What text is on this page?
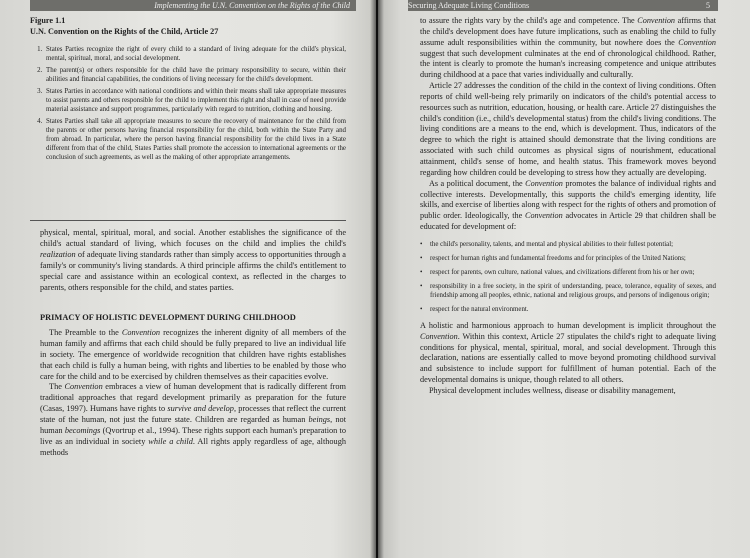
Implementing the U.N. Convention on the Rights of the Child

Figure 1.1

U.N. Convention on the Rights of the Child, Article 27

1. States Parties recognize the right of every child to a standard of living adequate for the child's physical, mental, spiritual, moral, and social development.
2. The parent(s) or others responsible for the child have the primary responsibility to secure, within their abilities and financial capabilities, the conditions of living necessary for the child's development.
3. States Parties in accordance with national conditions and within their means shall take appropriate measures to assist parents and others responsible for the child to implement this right and shall in case of need provide material assistance and support programmes, particularly with regard to nutrition, clothing and housing.
4. States Parties shall take all appropriate measures to secure the recovery of maintenance for the child from the parents or other persons having financial responsibility for the child, both within the State Party and from abroad. In particular, where the person having financial responsibility for the child lives in a State different from that of the child, States Parties shall promote the accession to international agreements or the conclusion of such agreements, as well as the making of other appropriate arrangements.

physical, mental, spiritual, moral, and social. Another establishes the significance of the child's actual standard of living, which focuses on the child and implies the child's realization of adequate living standards rather than simply access to opportunities through a family's or community's living standards. A third principle affirms the child's entitlement to special care and assistance within an ecological context, as reflected in the charges to parents, others responsible for the child, and states parties.

PRIMACY OF HOLISTIC DEVELOPMENT DURING CHILDHOOD

The Preamble to the Convention recognizes the inherent dignity of all members of the human family and affirms that each child should be fully prepared to live an individual life in society. The emergence of worldwide recognition that children have rights establishes that each child is fully a human being, with rights and liberties to be enabled by those who care for the child and to be exercised by children themselves as their capacities evolve.

The Convention embraces a view of human development that is radically different from traditional approaches that regard development primarily as preparation for the future (Casas, 1997). Humans have rights to survive and develop, processes that reflect the current state of the human, not just the future state. Children are regarded as human beings, not human becomings (Qvortrup et al., 1994). These rights support each human's preparation to live as an individual in society while a child. All rights apply regardless of age, although methods

Securing Adequate Living Conditions	5

to assure the rights vary by the child's age and competence. The Convention affirms that the child's development does have future implications, such as enabling the child to fully assume adult responsibilities within the community, but nowhere does the Convention suggest that such development culminates at the end of chronological childhood. Rather, the intent is clearly to promote the human's increasing competence and unique attributes during childhood at a pace that varies individually and culturally.

Article 27 addresses the condition of the child in the context of living conditions. Often reports of child well-being rely primarily on indicators of the child's potential access to resources such as nutrition, education, housing, or health care. Article 27 distinguishes the child's condition (i.e., child's developmental status) from the child's living conditions. The living conditions are a means to the end, which is development. Thus, indicators of the degree to which the right is attained should demonstrate that the living conditions are associated with such child outcomes as physical signs of nourishment, educational attainment, child's sense of home, and health status. This framework moves beyond regarding how children could be developing to stress how they actually are developing.

As a political document, the Convention promotes the balance of individual rights and collective interests. Developmentally, this supports the child's emerging identity, life skills, and exercise of liberties along with respect for the rights of others and promotion of public order. Ideologically, the Convention advocates in Article 29 that children shall be educated for development of:

• the child's personality, talents, and mental and physical abilities to their fullest potential;
• respect for human rights and fundamental freedoms and for principles of the United Nations;
• respect for parents, own culture, national values, and civilizations different from his or her own;
• responsibility in a free society, in the spirit of understanding, peace, tolerance, equality of sexes, and friendship among all peoples, ethnic, national and religious groups, and persons of indigenous origin;
• respect for the natural environment.

A holistic and harmonious approach to human development is implicit throughout the Convention. Within this context, Article 27 stipulates the child's right to adequate living conditions for physical, mental, spiritual, moral, and social development. Through this declaration, nations are essentially called to move beyond promoting childhood survival and subsistence to include support for fulfillment of human potential. Each of the developmental domains is unique, though related to all others.

Physical development includes wellness, disease or disability management,
